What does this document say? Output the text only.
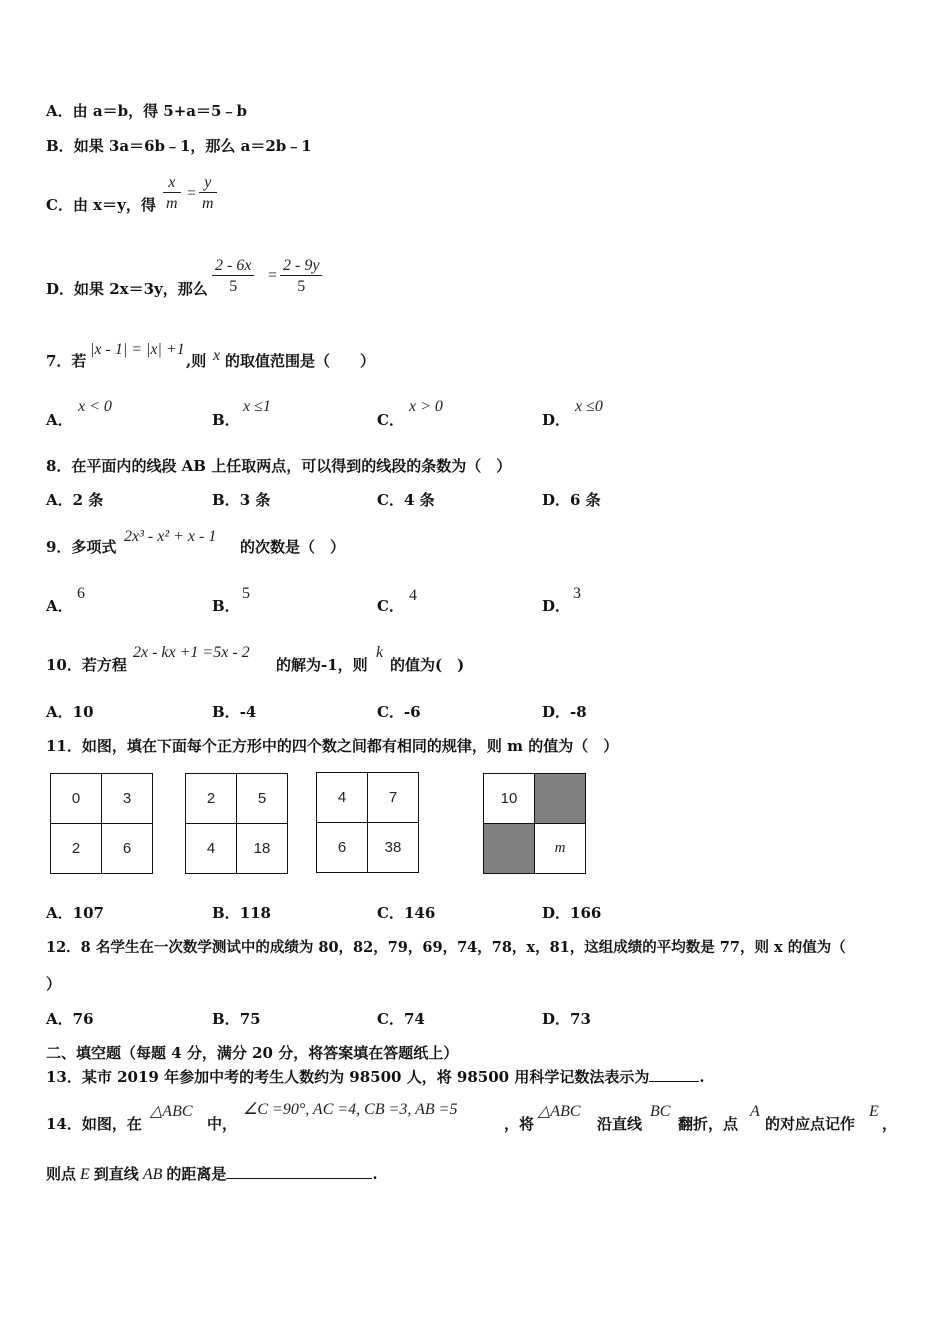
A．由 a＝b，得 5+a＝5﹣b
B．如果 3a＝6b﹣1，那么 a＝2b﹣1
C．由 x＝y，得 $\frac{x}{m} = \frac{y}{m}$
D．如果 2x＝3y，那么 $\frac{2 - 6x}{5} = \frac{2 - 9y}{5}$
7．若
|x - 1| = |x| +1
,则 x 的取值范围是（　　）
A．
x < 0
B．
x ≤1
C．
x > 0
D．
x ≤0
8．在平面内的线段 AB 上任取两点，可以得到的线段的条数为（　）
A．2 条	B．3 条	C．4 条	D．6 条
9．多项式
2x³ - x² + x - 1
的次数是（　）
A．
6
B．
5
C．
4
D．
3
10．若方程
2x - kx +1 =5x - 2
的解为-1，则
k
的值为(　)
A．10	B．-4	C．-6	D．-8
11．如图，填在下面每个正方形中的四个数之间都有相同的规律，则 m 的值为（　）
0	3
2	6
2	5
4	18
4	7
6	38
10	
	m
A．107	B．118	C．146	D．166
12．8 名学生在一次数学测试中的成绩为 80，82，79，69，74，78，x，81，这组成绩的平均数是 77，则 x 的值为（
）
A．76	B．75	C．74	D．73
二、填空题（每题 4 分，满分 20 分，将答案填在答题纸上）
13．某市 2019 年参加中考的考生人数约为 98500 人，将 98500 用科学记数法表示为	.
14．如图，在
△ABC
中，
∠C =90°, AC =4, CB =3, AB =5
，将
△ABC
沿直线
BC
翻折，点
A
的对应点记作
E
，
则点 E 到直线 AB 的距离是	.
